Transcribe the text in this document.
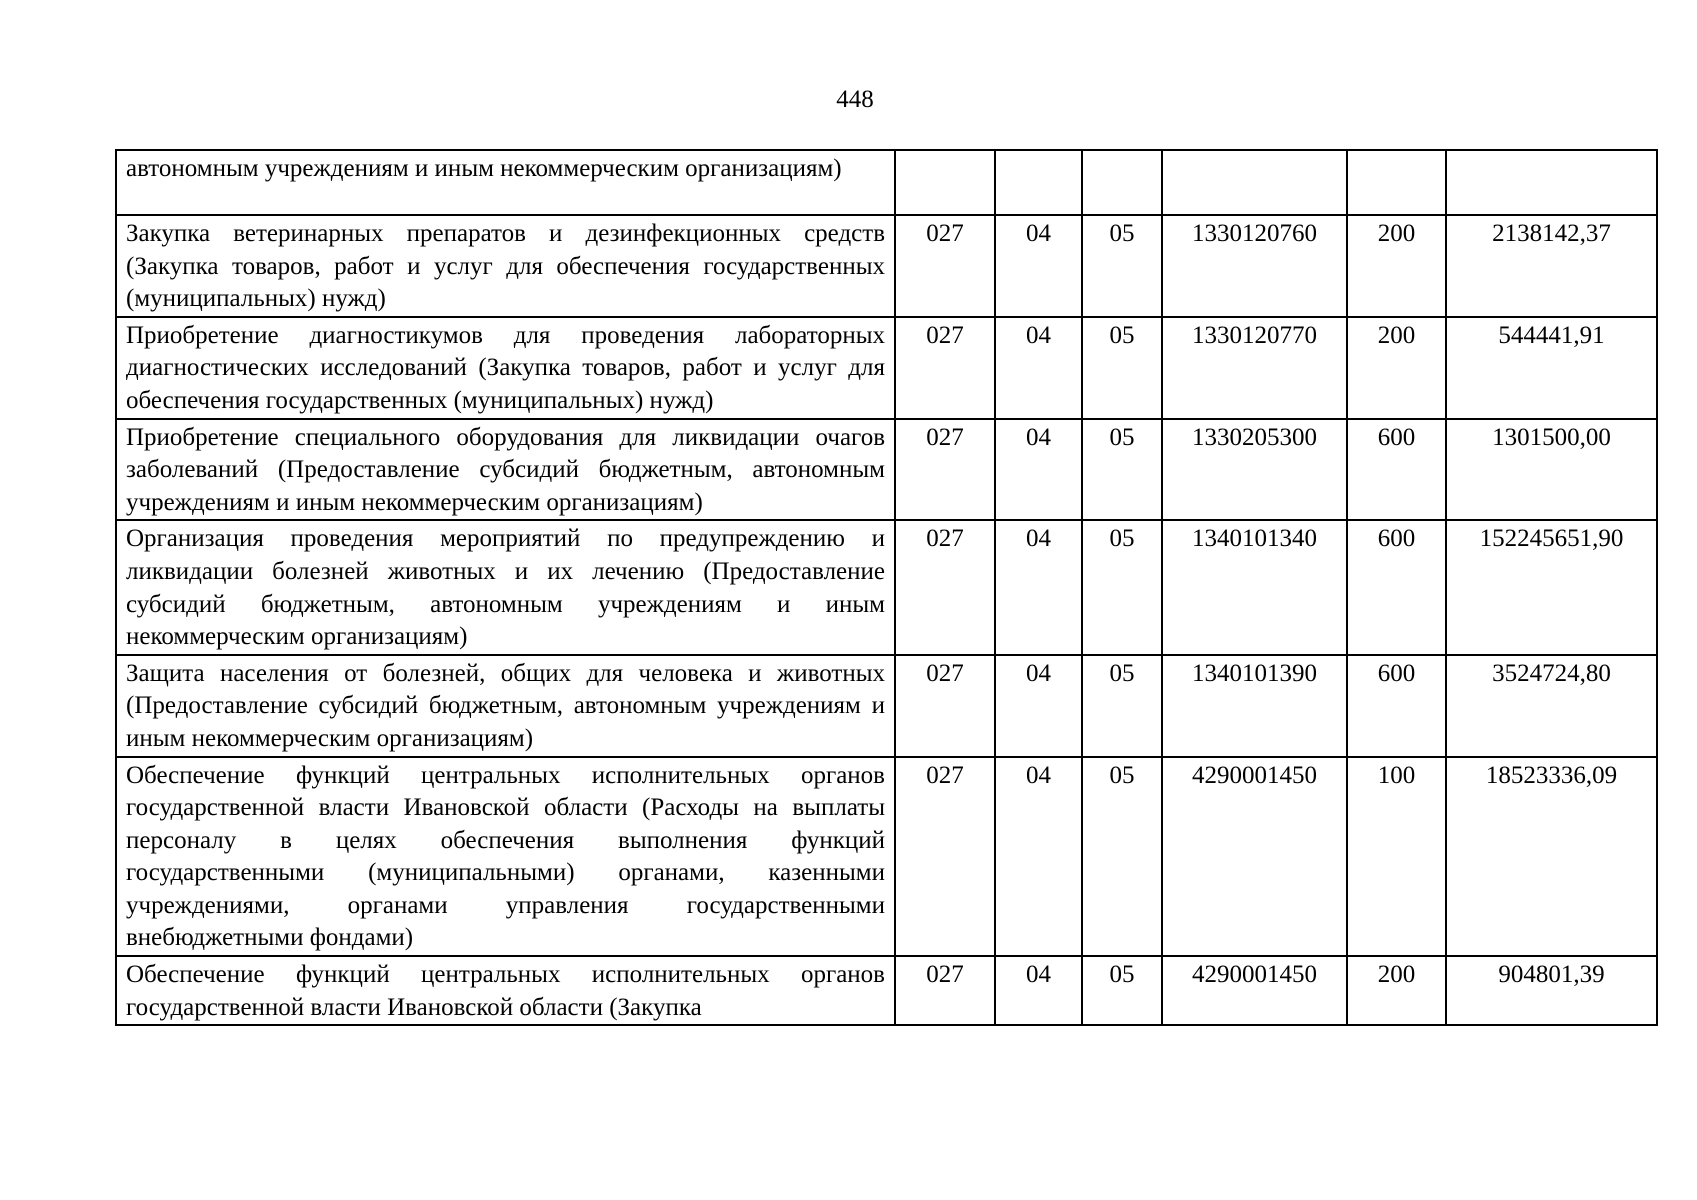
448
автономным учреждениям и иным некоммерческим организациям)						
Закупка ветеринарных препаратов и дезинфекционных средств (Закупка товаров, работ и услуг для обеспечения государственных (муниципальных) нужд)	027	04	05	1330120760	200	2138142,37
Приобретение диагностикумов для проведения лабораторных диагностических исследований (Закупка товаров, работ и услуг для обеспечения государственных (муниципальных) нужд)	027	04	05	1330120770	200	544441,91
Приобретение специального оборудования для ликвидации очагов заболеваний (Предоставление субсидий бюджетным, автономным учреждениям и иным некоммерческим организациям)	027	04	05	1330205300	600	1301500,00
Организация проведения мероприятий по предупреждению и ликвидации болезней животных и их лечению (Предоставление субсидий бюджетным, автономным учреждениям и иным некоммерческим организациям)	027	04	05	1340101340	600	152245651,90
Защита населения от болезней, общих для человека и животных (Предоставление субсидий бюджетным, автономным учреждениям и иным некоммерческим организациям)	027	04	05	1340101390	600	3524724,80
Обеспечение функций центральных исполнительных органов государственной власти Ивановской области (Расходы на выплаты персоналу в целях обеспечения выполнения функций государственными (муниципальными) органами, казенными учреждениями, органами управления государственными внебюджетными фондами)	027	04	05	4290001450	100	18523336,09
Обеспечение функций центральных исполнительных органов государственной власти Ивановской области (Закупка	027	04	05	4290001450	200	904801,39
